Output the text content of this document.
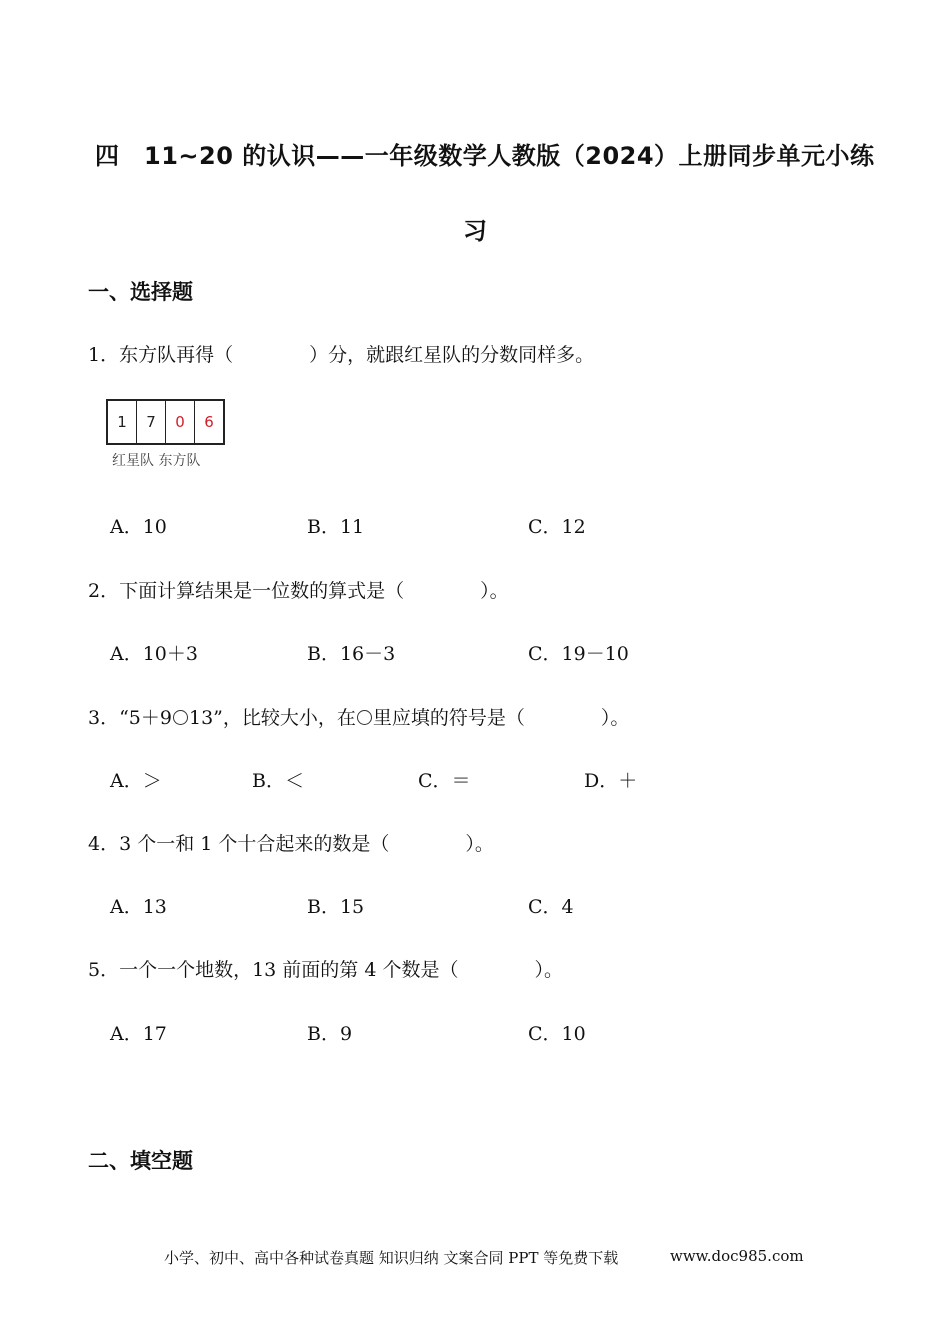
四　11~20 的认识——一年级数学人教版（2024）上册同步单元小练
习
一、选择题
1．东方队再得（　　　　）分，就跟红星队的分数同样多。
1	7	0	6
红星队 东方队
A．10	B．11	C．12
2．下面计算结果是一位数的算式是（　　　　）。
A．10＋3	B．16－3	C．19－10
3．“5＋9 13”，比较大小，在 里应填的符号是（　　　　）。
A．＞	B．＜	C．＝	D．＋
4．3 个一和 1 个十合起来的数是（　　　　）。
A．13	B．15	C．4
5．一个一个地数，13 前面的第 4 个数是（　　　　）。
A．17	B．9	C．10
二、填空题
小学、初中、高中各种试卷真题 知识归纳 文案合同 PPT 等免费下载	www.doc985.com
